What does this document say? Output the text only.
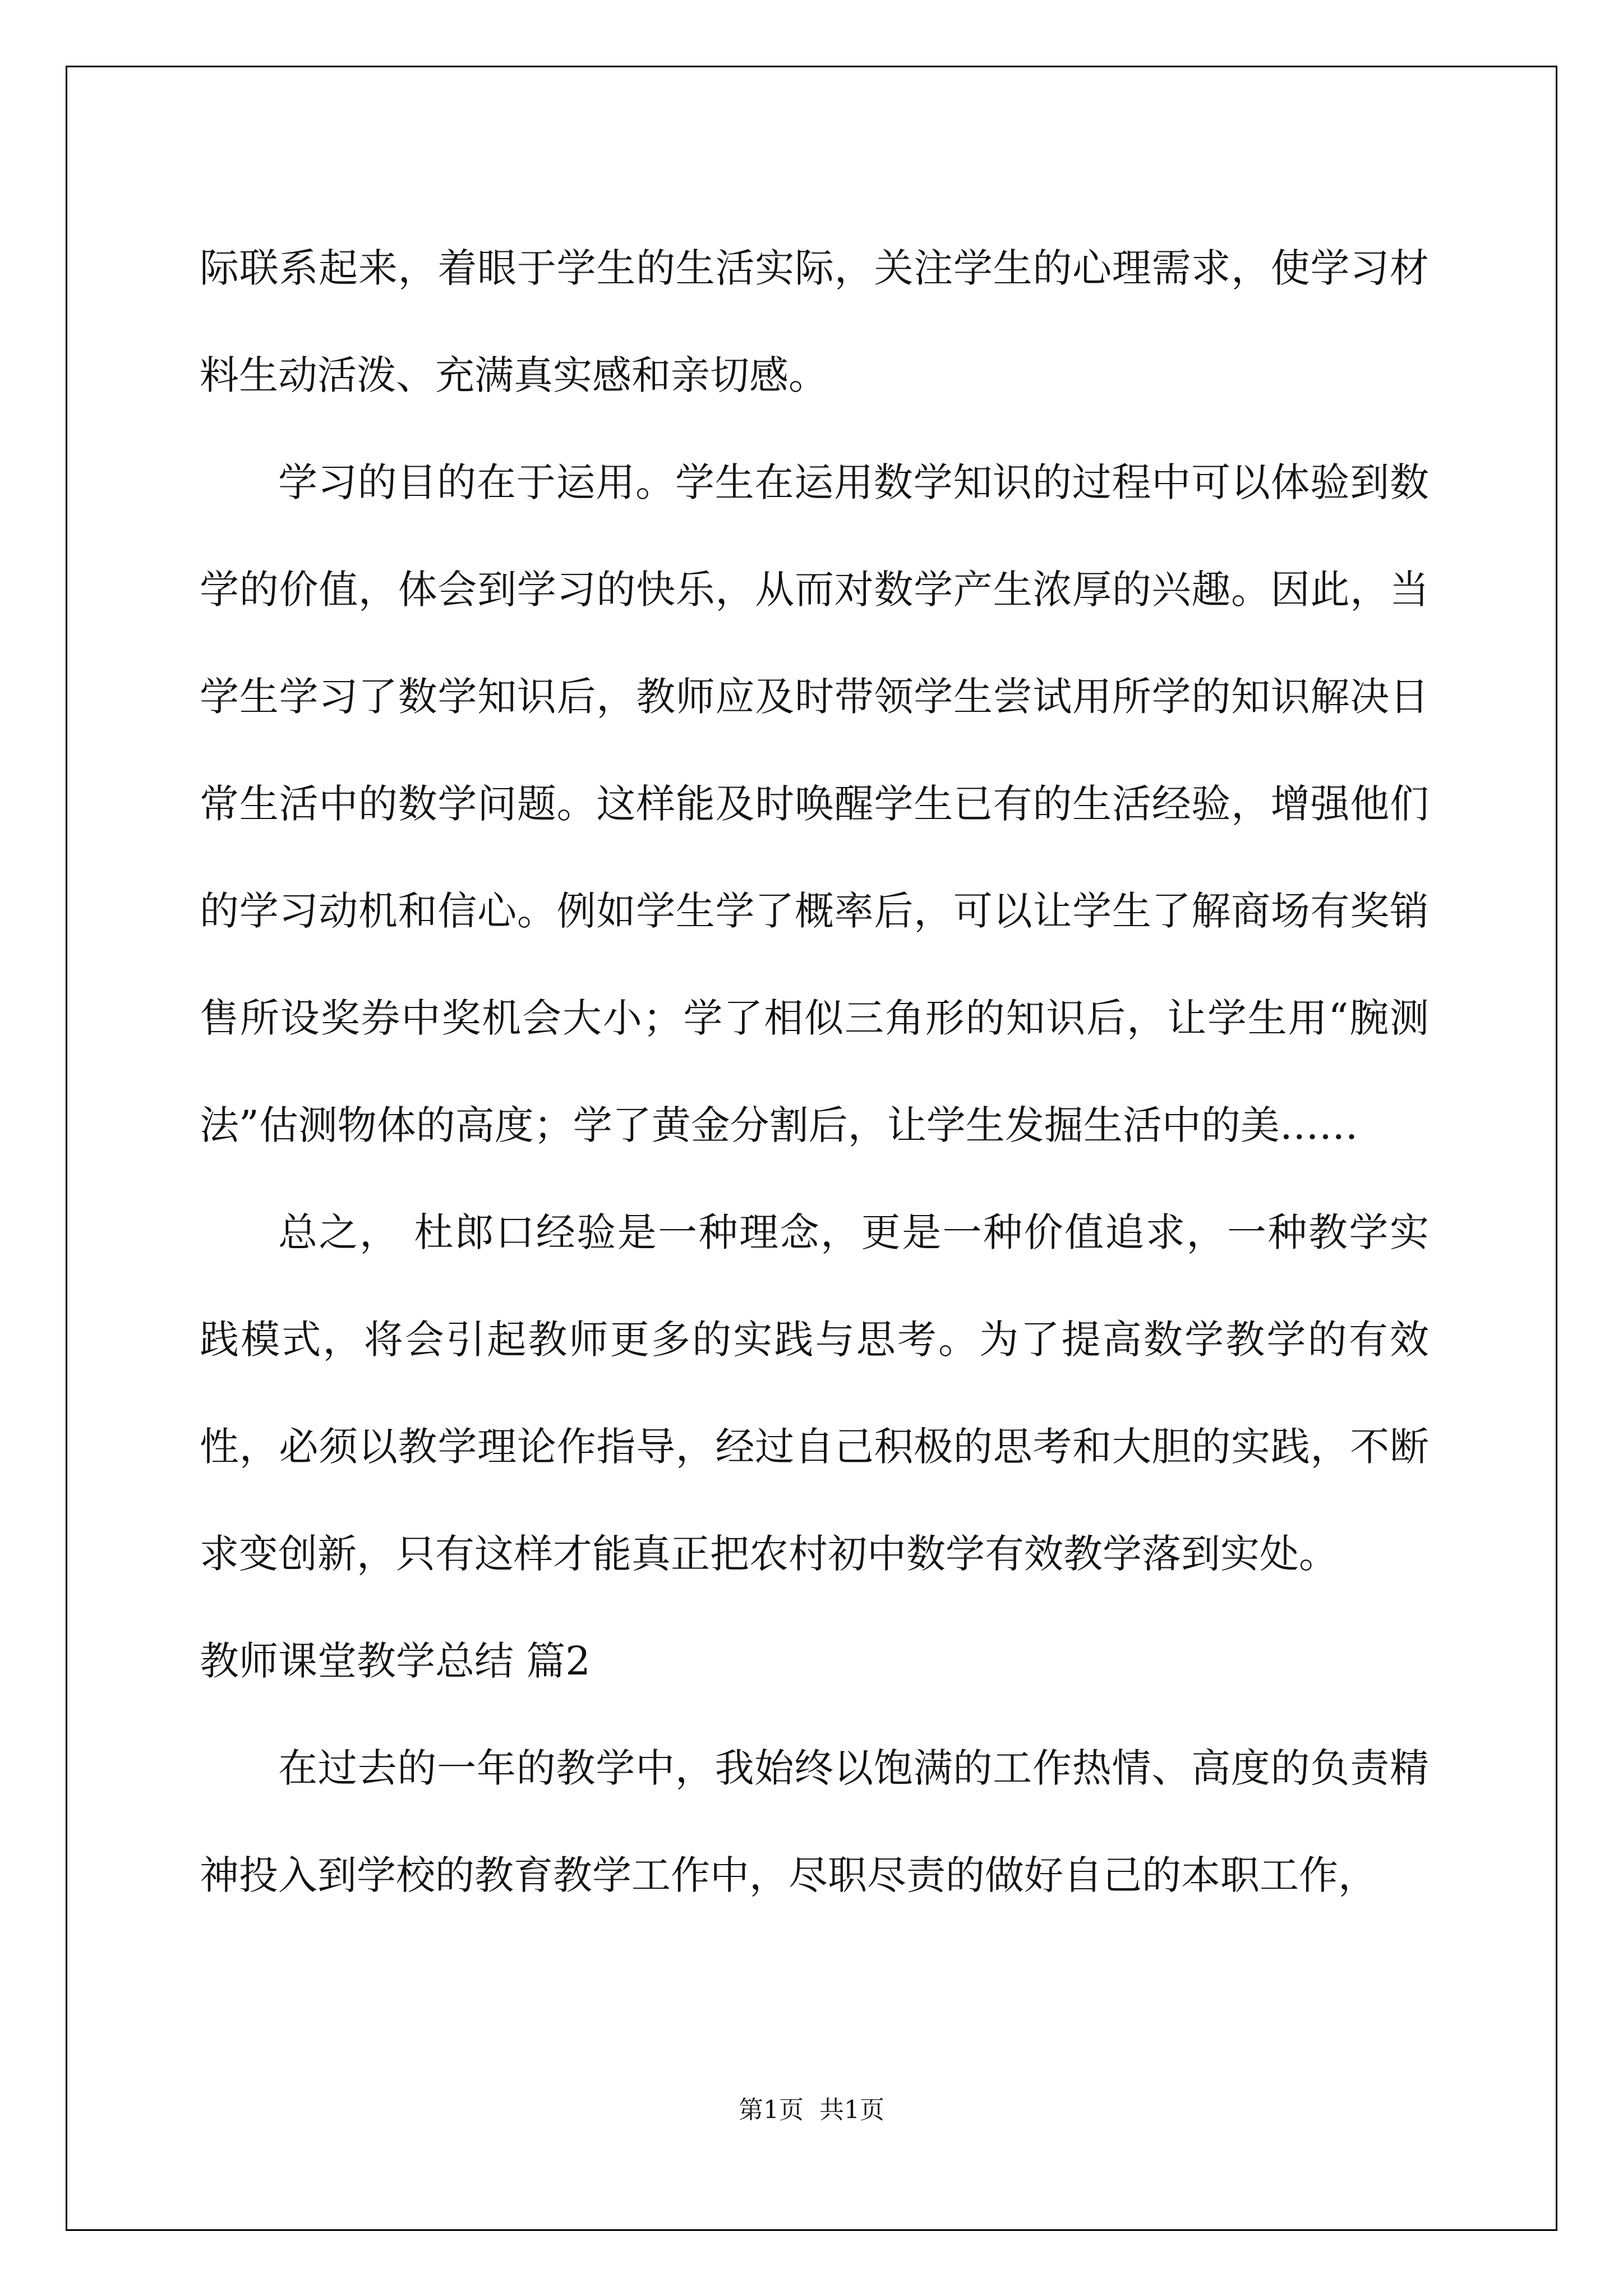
际联系起来，着眼于学生的生活实际，关注学生的心理需求，使学习材料生动活泼、充满真实感和亲切感。

学习的目的在于运用。学生在运用数学知识的过程中可以体验到数学的价值，体会到学习的快乐，从而对数学产生浓厚的兴趣。因此，当学生学习了数学知识后，教师应及时带领学生尝试用所学的知识解决日常生活中的数学问题。这样能及时唤醒学生已有的生活经验，增强他们的学习动机和信心。例如学生学了概率后，可以让学生了解商场有奖销售所设奖券中奖机会大小；学了相似三角形的知识后，让学生用“腕测法”估测物体的高度；学了黄金分割后，让学生发掘生活中的美……

总之， 杜郎口经验是一种理念，更是一种价值追求，一种教学实践模式，将会引起教师更多的实践与思考。为了提高数学教学的有效性，必须以教学理论作指导，经过自己积极的思考和大胆的实践，不断求变创新，只有这样才能真正把农村初中数学有效教学落到实处。

教师课堂教学总结 篇2

在过去的一年的教学中，我始终以饱满的工作热情、高度的负责精神投入到学校的教育教学工作中，尽职尽责的做好自己的本职工作，

第1页  共1页
